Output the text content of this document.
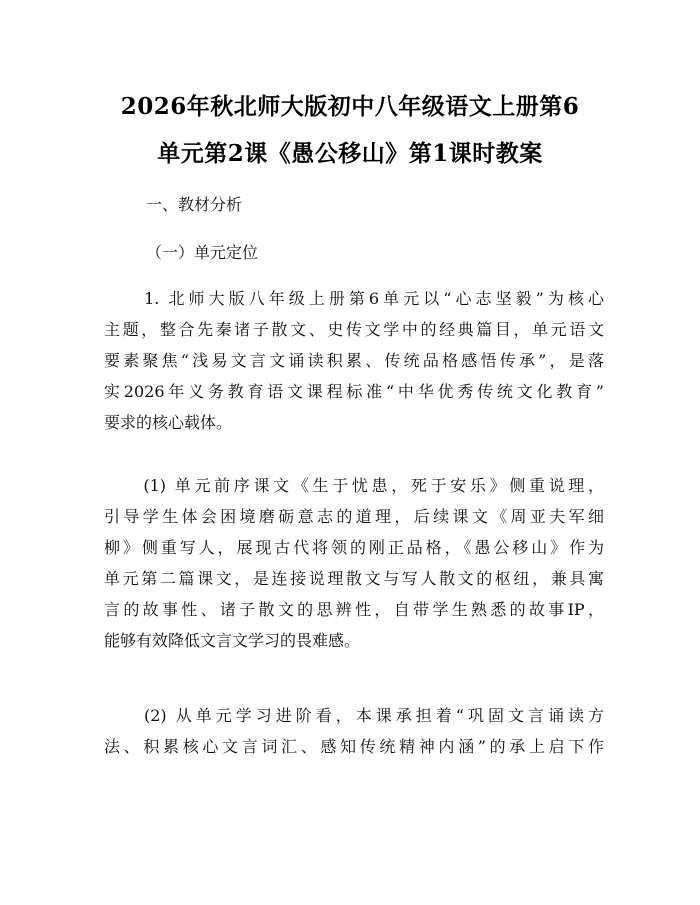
2026年秋北师大版初中八年级语文上册第6
单元第2课《愚公移山》第1课时教案
一、教材分析
（一）单元定位
　　1. 北师大版八年级上册第6单元以“心志坚毅”为核心
主题，整合先秦诸子散文、史传文学中的经典篇目，单元语文
要素聚焦“浅易文言文诵读积累、传统品格感悟传承”，是落
实2026年义务教育语文课程标准“中华优秀传统文化教育”
要求的核心载体。
　　(1) 单元前序课文《生于忧患，死于安乐》侧重说理，
引导学生体会困境磨砺意志的道理，后续课文《周亚夫军细
柳》侧重写人，展现古代将领的刚正品格，《愚公移山》作为
单元第二篇课文，是连接说理散文与写人散文的枢纽，兼具寓
言的故事性、诸子散文的思辨性，自带学生熟悉的故事IP，
能够有效降低文言文学习的畏难感。
　　(2) 从单元学习进阶看，本课承担着“巩固文言诵读方
法、积累核心文言词汇、感知传统精神内涵”的承上启下作
